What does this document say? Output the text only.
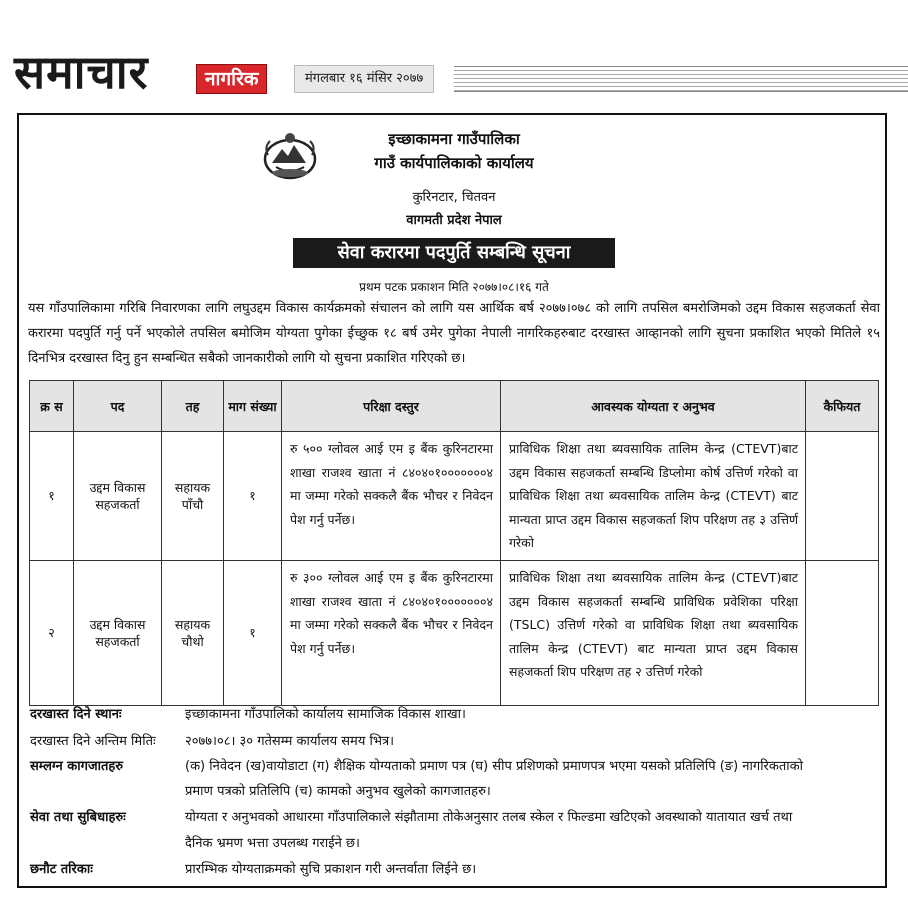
समाचार	नागरिक	मंगलबार १६ मंसिर २०७७
इच्छाकामना गाउँपालिका
गाउँ कार्यपालिकाको कार्यालय
कुरिनटार, चितवन
वागमती प्रदेश नेपाल
सेवा करारमा पदपुर्ति सम्बन्धि सूचना
प्रथम पटक प्रकाशन मिति २०७७।०८।१६ गते
यस गाँउपालिकामा गरिबि निवारणका लागि लघुउद्दम विकास कार्यक्रमको संचालन को लागि यस आर्थिक बर्ष २०७७।०७८ को लागि तपसिल बमरोजिमको उद्दम विकास सहजकर्ता सेवा करारमा पदपुर्ति गर्नु पर्ने भएकोले तपसिल बमोजिम योग्यता पुगेका ईच्छुक १८ बर्ष उमेर पुगेका नेपाली नागरिकहरुबाट दरखास्त आव्हानको लागि सुचना प्रकाशित भएको मितिले १५ दिनभित्र दरखास्त दिनु हुन सम्बन्धित सबैको जानकारीको लागि यो सुचना प्रकाशित गरिएको छ।
क्र स	पद	तह	माग संख्या	परिक्षा दस्तुर	आवस्यक योग्यता र अनुभव	कैफियत
१	उद्दम विकास सहजकर्ता	सहायक पाँचौ	१	रु ५०० ग्लोवल आई एम इ बैंक कुरिनटारमा शाखा राजश्व खाता नं ८४०४०१०००००००४ मा जम्मा गरेको सक्कलै बैंक भौचर र निवेदन पेश गर्नु पर्नेछ।	प्राविधिक शिक्षा तथा ब्यवसायिक तालिम केन्द्र (CTEVT)बाट उद्दम विकास सहजकर्ता सम्बन्धि डिप्लोमा कोर्ष उत्तिर्ण गरेको वा प्राविधिक शिक्षा तथा ब्यवसायिक तालिम केन्द्र (CTEVT) बाट मान्यता प्राप्त उद्दम विकास सहजकर्ता शिप परिक्षण तह ३ उत्तिर्ण गरेको	
२	उद्दम विकास सहजकर्ता	सहायक चौथो	१	रु ३०० ग्लोवल आई एम इ बैंक कुरिनटारमा शाखा राजश्व खाता नं ८४०४०१०००००००४ मा जम्मा गरेको सक्कलै बैंक भौचर र निवेदन पेश गर्नु पर्नेछ।	प्राविधिक शिक्षा तथा ब्यवसायिक तालिम केन्द्र (CTEVT)बाट उद्दम विकास सहजकर्ता सम्बन्धि प्राविधिक प्रवेशिका परिक्षा (TSLC) उत्तिर्ण गरेको वा प्राविधिक शिक्षा तथा ब्यवसायिक तालिम केन्द्र (CTEVT) बाट मान्यता प्राप्त उद्दम विकास सहजकर्ता शिप परिक्षण तह २ उत्तिर्ण गरेको	
दरखास्त दिने स्थानः	इच्छाकामना गाँउपालिको कार्यालय सामाजिक विकास शाखा।
दरखास्त दिने अन्तिम मितिः २०७७।०८। ३० गतेसम्म कार्यालय समय भित्र।
सम्लग्न कागजातहरु	(क) निवेदन (ख)वायोडाटा (ग) शैक्षिक योग्यताको प्रमाण पत्र (घ) सीप प्रशिणको प्रमाणपत्र भएमा यसको प्रतिलिपि (ङ) नागरिकताको
प्रमाण पत्रको प्रतिलिपि (च) कामको अनुभव खुलेको कागजातहरु।
सेवा तथा सुबिधाहरुः	योग्यता र अनुभवको आधारमा गाँउपालिकाले संझौतामा तोकेअनुसार तलब स्केल र फिल्डमा खटिएको अवस्थाको यातायात खर्च तथा
दैनिक भ्रमण भत्ता उपलब्ध गराईने छ।
छनौट तरिकाः	प्रारम्भिक योग्यताक्रमको सुचि प्रकाशन गरी अन्तर्वाता लिईने छ।
